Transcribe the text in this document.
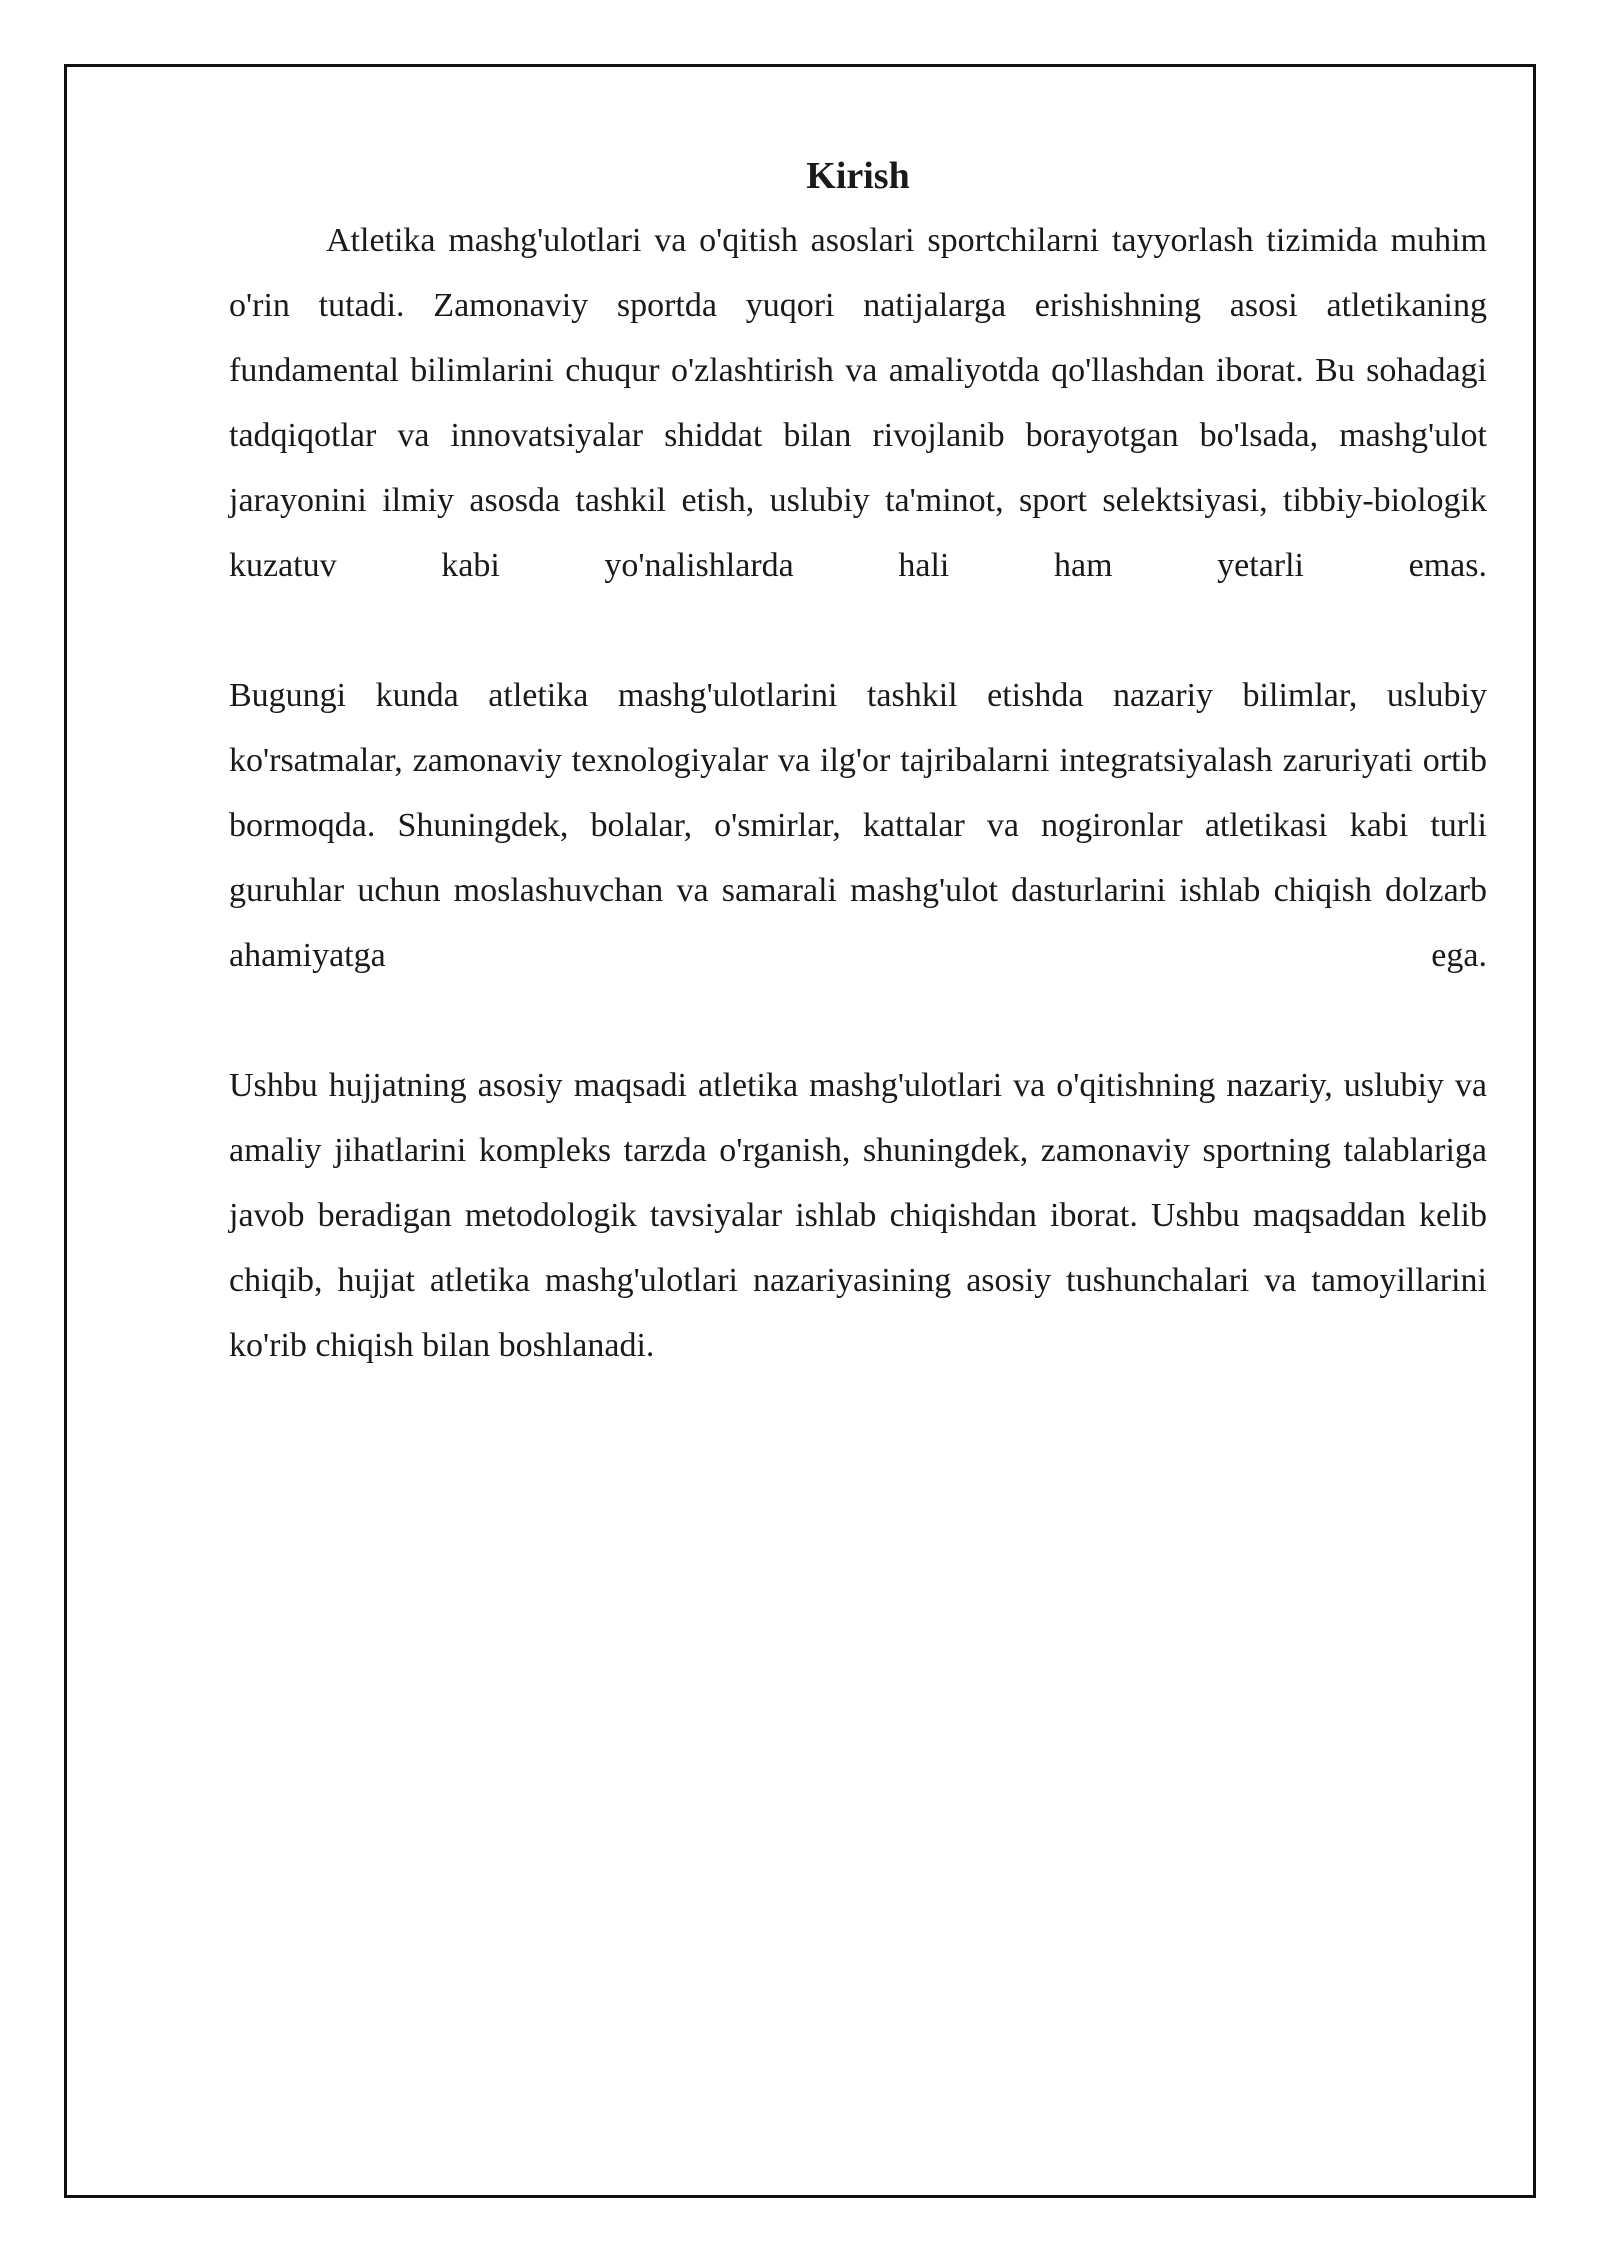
Kirish

Atletika mashg'ulotlari va o'qitish asoslari sportchilarni tayyorlash tizimida muhim o'rin tutadi. Zamonaviy sportda yuqori natijalarga erishishning asosi atletikaning fundamental bilimlarini chuqur o'zlashtirish va amaliyotda qo'llashdan iborat. Bu sohadagi tadqiqotlar va innovatsiyalar shiddat bilan rivojlanib borayotgan bo'lsada, mashg'ulot jarayonini ilmiy asosda tashkil etish, uslubiy ta'minot, sport selektsiyasi, tibbiy-biologik kuzatuv kabi yo'nalishlarda hali ham yetarli emas.

Bugungi kunda atletika mashg'ulotlarini tashkil etishda nazariy bilimlar, uslubiy ko'rsatmalar, zamonaviy texnologiyalar va ilg'or tajribalarni integratsiyalash zaruriyati ortib bormoqda. Shuningdek, bolalar, o'smirlar, kattalar va nogironlar atletikasi kabi turli guruhlar uchun moslashuvchan va samarali mashg'ulot dasturlarini ishlab chiqish dolzarb ahamiyatga ega.

Ushbu hujjatning asosiy maqsadi atletika mashg'ulotlari va o'qitishning nazariy, uslubiy va amaliy jihatlarini kompleks tarzda o'rganish, shuningdek, zamonaviy sportning talablariga javob beradigan metodologik tavsiyalar ishlab chiqishdan iborat. Ushbu maqsaddan kelib chiqib, hujjat atletika mashg'ulotlari nazariyasining asosiy tushunchalari va tamoyillarini ko'rib chiqish bilan boshlanadi.
